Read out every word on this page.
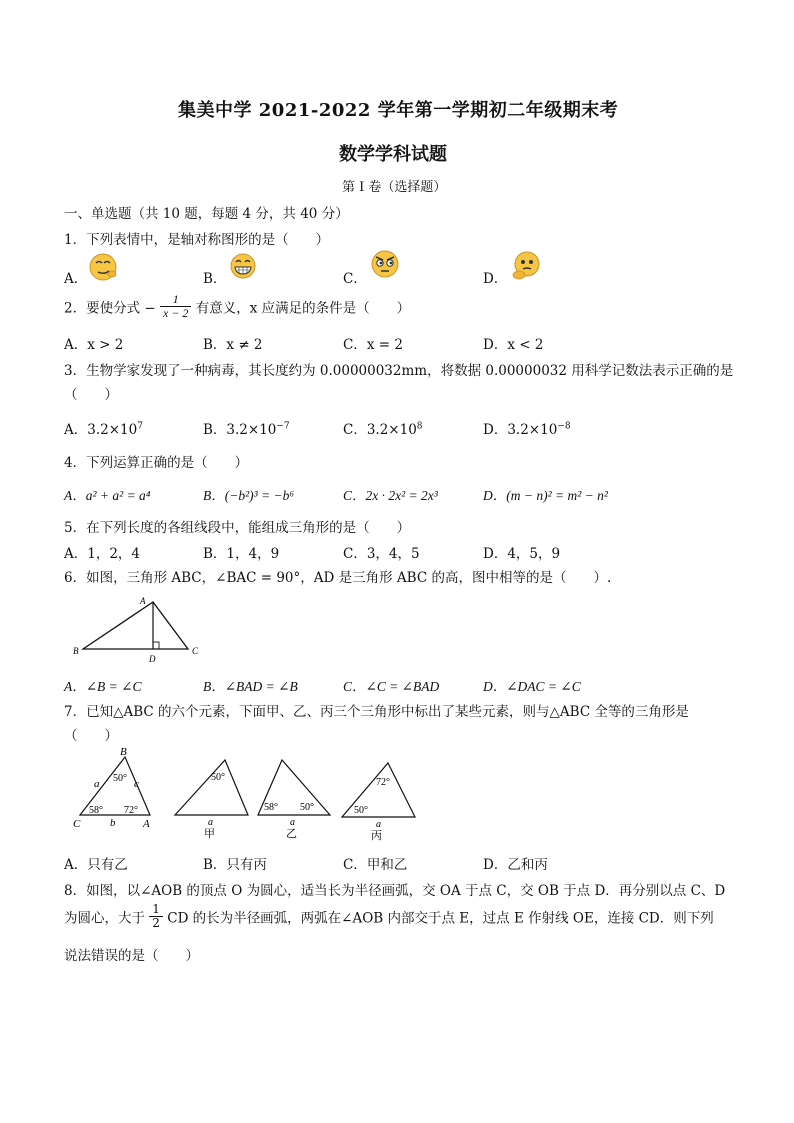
集美中学 2021-2022 学年第一学期初二年级期末考
数学学科试题
第 I 卷（选择题）
一、单选题（共 10 题，每题 4 分，共 40 分）
1．下列表情中，是轴对称图形的是（　　）
A．	B．	C．	D．
2．要使分式 − $\frac{1}{x - 2}$ 有意义，x 应满足的条件是（　　）
A．x > 2	B．x ≠ 2	C．x = 2	D．x < 2
3．生物学家发现了一种病毒，其长度约为 0.00000032mm，将数据 0.00000032 用科学记数法表示正确的是
（　　）
A．$3.2\times 10^7$	B．$3.2\times 10^{-7}$	C．$3.2\times 10^8$	D．$3.2\times 10^{-8}$
4．下列运算正确的是（　　）
A．a² + a² = a⁴	B．(−b²)³ = −b⁶	C．2x · 2x² = 2x³	D．(m − n)² = m² − n²
5．在下列长度的各组线段中，能组成三角形的是（　　）
A．1，2，4	B．1，4，9	C．3，4，5	D．4，5，9
6．如图，三角形 ABC，∠BAC = 90°，AD 是三角形 ABC 的高，图中相等的是（　　）.
A
B	C
D
A．∠B = ∠C	B．∠BAD = ∠B	C．∠C = ∠BAD	D．∠DAC = ∠C
7．已知△ABC 的六个元素，下面甲、乙、丙三个三角形中标出了某些元素，则与△ABC 全等的三角形是
（　　）
B
C	A
a	c
b
50°
58° 72°
50°
a
甲
58° 50°
a
乙
72°
50°
a
丙
A．只有乙	B．只有丙	C．甲和乙	D．乙和丙
8．如图，以∠AOB 的顶点 O 为圆心，适当长为半径画弧，交 OA 于点 C，交 OB 于点 D．再分别以点 C、D
为圆心，大于 $\frac{1}{2}$ CD 的长为半径画弧，两弧在∠AOB 内部交于点 E，过点 E 作射线 OE，连接 CD．则下列
说法错误的是（　　）
